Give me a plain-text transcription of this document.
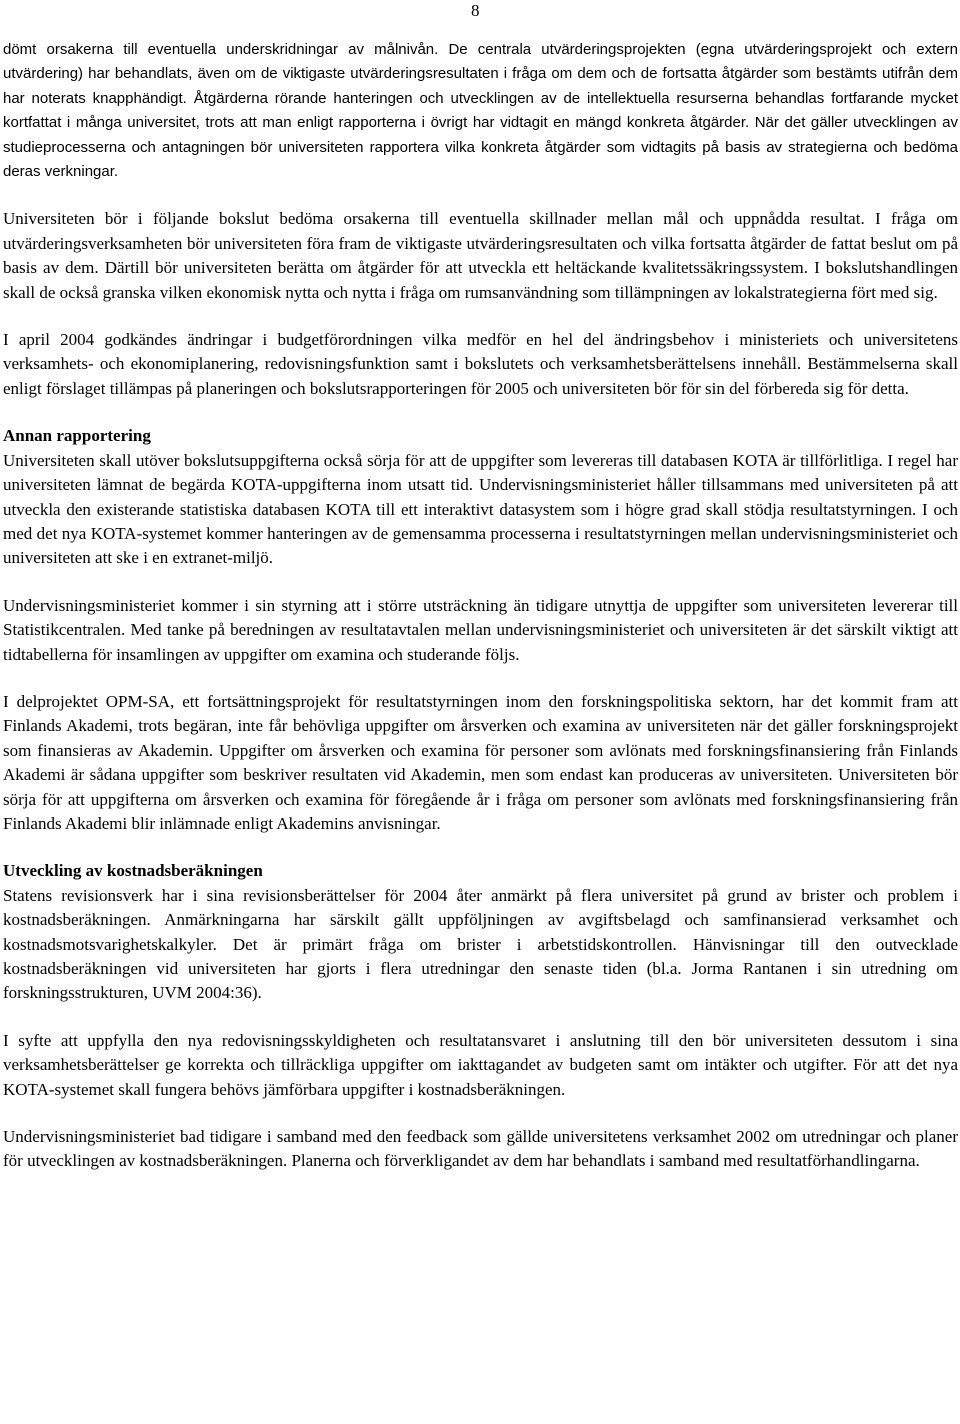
8

dömt orsakerna till eventuella underskridningar av målnivån. De centrala utvärderingsprojekten (egna utvärderingsprojekt och extern utvärdering) har behandlats, även om de viktigaste utvärderingsresultaten i fråga om dem och de fortsatta åtgärder som bestämts utifrån dem har noterats knapphändigt. Åtgärderna rörande hanteringen och utvecklingen av de intellektuella resurserna behandlas fortfarande mycket kortfattat i många universitet, trots att man enligt rapporterna i övrigt har vidtagit en mängd konkreta åtgärder. När det gäller utvecklingen av studieprocesserna och antagningen bör universiteten rapportera vilka konkreta åtgärder som vidtagits på basis av strategierna och bedöma deras verkningar.

Universiteten bör i följande bokslut bedöma orsakerna till eventuella skillnader mellan mål och uppnådda resultat. I fråga om utvärderingsverksamheten bör universiteten föra fram de viktigaste utvärderingsresultaten och vilka fortsatta åtgärder de fattat beslut om på basis av dem. Därtill bör universiteten berätta om åtgärder för att utveckla ett heltäckande kvalitetssäkringssystem. I bokslutshandlingen skall de också granska vilken ekonomisk nytta och nytta i fråga om rumsanvändning som tillämpningen av lokalstrategierna fört med sig.

I april 2004 godkändes ändringar i budgetförordningen vilka medför en hel del ändringsbehov i ministeriets och universitetens verksamhets- och ekonomiplanering, redovisningsfunktion samt i bokslutets och verksamhetsberättelsens innehåll. Bestämmelserna skall enligt förslaget tillämpas på planeringen och bokslutsrapporteringen för 2005 och universiteten bör för sin del förbereda sig för detta.

Annan rapportering

Universiteten skall utöver bokslutsuppgifterna också sörja för att de uppgifter som levereras till databasen KOTA är tillförlitliga. I regel har universiteten lämnat de begärda KOTA-uppgifterna inom utsatt tid. Undervisningsministeriet håller tillsammans med universiteten på att utveckla den existerande statistiska databasen KOTA till ett interaktivt datasystem som i högre grad skall stödja resultatstyrningen. I och med det nya KOTA-systemet kommer hanteringen av de gemensamma processerna i resultatstyrningen mellan undervisningsministeriet och universiteten att ske i en extranet-miljö.

Undervisningsministeriet kommer i sin styrning att i större utsträckning än tidigare utnyttja de uppgifter som universiteten levererar till Statistikcentralen. Med tanke på beredningen av resultatavtalen mellan undervisningsministeriet och universiteten är det särskilt viktigt att tidtabellerna för insamlingen av uppgifter om examina och studerande följs.

I delprojektet OPM-SA, ett fortsättningsprojekt för resultatstyrningen inom den forskningspolitiska sektorn, har det kommit fram att Finlands Akademi, trots begäran, inte får behövliga uppgifter om årsverken och examina av universiteten när det gäller forskningsprojekt som finansieras av Akademin. Uppgifter om årsverken och examina för personer som avlönats med forskningsfinansiering från Finlands Akademi är sådana uppgifter som beskriver resultaten vid Akademin, men som endast kan produceras av universiteten. Universiteten bör sörja för att uppgifterna om årsverken och examina för föregående år i fråga om personer som avlönats med forskningsfinansiering från Finlands Akademi blir inlämnade enligt Akademins anvisningar.

Utveckling av kostnadsberäkningen

Statens revisionsverk har i sina revisionsberättelser för 2004 åter anmärkt på flera universitet på grund av brister och problem i kostnadsberäkningen. Anmärkningarna har särskilt gällt uppföljningen av avgiftsbelagd och samfinansierad verksamhet och kostnadsmotsvarighetskalkyler. Det är primärt fråga om brister i arbetstidskontrollen. Hänvisningar till den outvecklade kostnadsberäkningen vid universiteten har gjorts i flera utredningar den senaste tiden (bl.a. Jorma Rantanen i sin utredning om forskningsstrukturen, UVM 2004:36).

I syfte att uppfylla den nya redovisningsskyldigheten och resultatansvaret i anslutning till den bör universiteten dessutom i sina verksamhetsberättelser ge korrekta och tillräckliga uppgifter om iakttagandet av budgeten samt om intäkter och utgifter. För att det nya KOTA-systemet skall fungera behövs jämförbara uppgifter i kostnadsberäkningen.

Undervisningsministeriet bad tidigare i samband med den feedback som gällde universitetens verksamhet 2002 om utredningar och planer för utvecklingen av kostnadsberäkningen. Planerna och förverkligandet av dem har behandlats i samband med resultatförhandlingarna.
